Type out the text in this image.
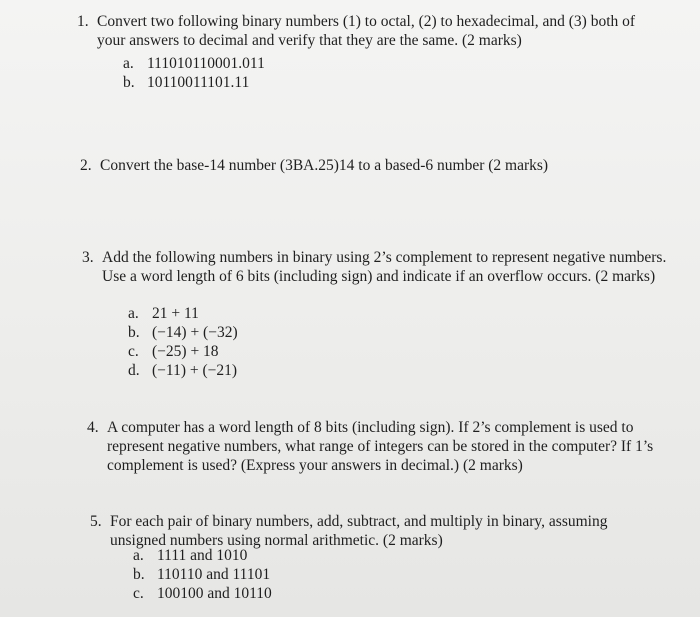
1. Convert two following binary numbers (1) to octal, (2) to hexadecimal, and (3) both of your answers to decimal and verify that they are the same. (2 marks)
a. 111010110001.011
b. 10110011101.11
2. Convert the base-14 number (3BA.25)14 to a based-6 number (2 marks)
3. Add the following numbers in binary using 2’s complement to represent negative numbers. Use a word length of 6 bits (including sign) and indicate if an overflow occurs. (2 marks)
a. 21 + 11
b. (−14) + (−32)
c. (−25) + 18
d. (−11) + (−21)
4. A computer has a word length of 8 bits (including sign). If 2’s complement is used to represent negative numbers, what range of integers can be stored in the computer? If 1’s complement is used? (Express your answers in decimal.) (2 marks)
5. For each pair of binary numbers, add, subtract, and multiply in binary, assuming unsigned numbers using normal arithmetic. (2 marks)
a. 1111 and 1010
b. 110110 and 11101
c. 100100 and 10110
